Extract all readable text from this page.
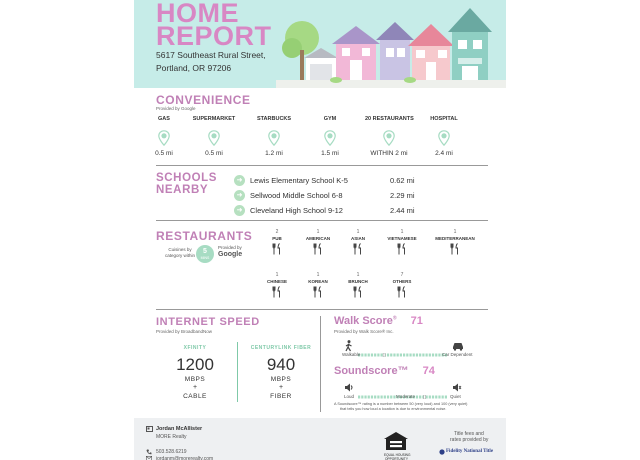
HOME
REPORT
5617 Southeast Rural Street,
Portland, OR 97206
CONVENIENCE
Provided by Google
GAS
0.5 mi
SUPERMARKET
0.5 mi
STARBUCKS
1.2 mi
GYM
1.5 mi
20 RESTAURANTS
WITHIN 2 mi
HOSPITAL
2.4 mi
SCHOOLS
NEARBY
➜	Lewis Elementary School K-5	0.62 mi
➜	Sellwood Middle School 6-8	2.29 mi
➜	Cleveland High School 9-12	2.44 mi
RESTAURANTS
Cuisines by category within	5
MINS
Provided by
Google
2
PUB
1
AMERICAN
1
ASIAN
1
VIETNAMESE
1
MEDITERRANEAN
1
CHINESE
1
KOREAN
1
BRUNCH
7
OTHERS
INTERNET SPEED
Provided by BroadbandNow
XFINITY
1200
MBPS
+
CABLE
CENTURYLINK FIBER
940
MBPS
+
FIBER
Walk Score® 71
Provided by Walk Score® Inc.
Walkable	Car Dependent
Soundscore™ 74
Loud	Moderate	Quiet
A Soundscore™ rating is a number between 50 (very loud) and 100 (very quiet)
that tells you how loud a location is due to environmental noise.
Jordan McAllister
MORE Realty
503.528.6219
jordanm@morerealty.com
EQUAL HOUSING
OPPORTUNITY
Title fees and
rates provided by
Fidelity National Title
